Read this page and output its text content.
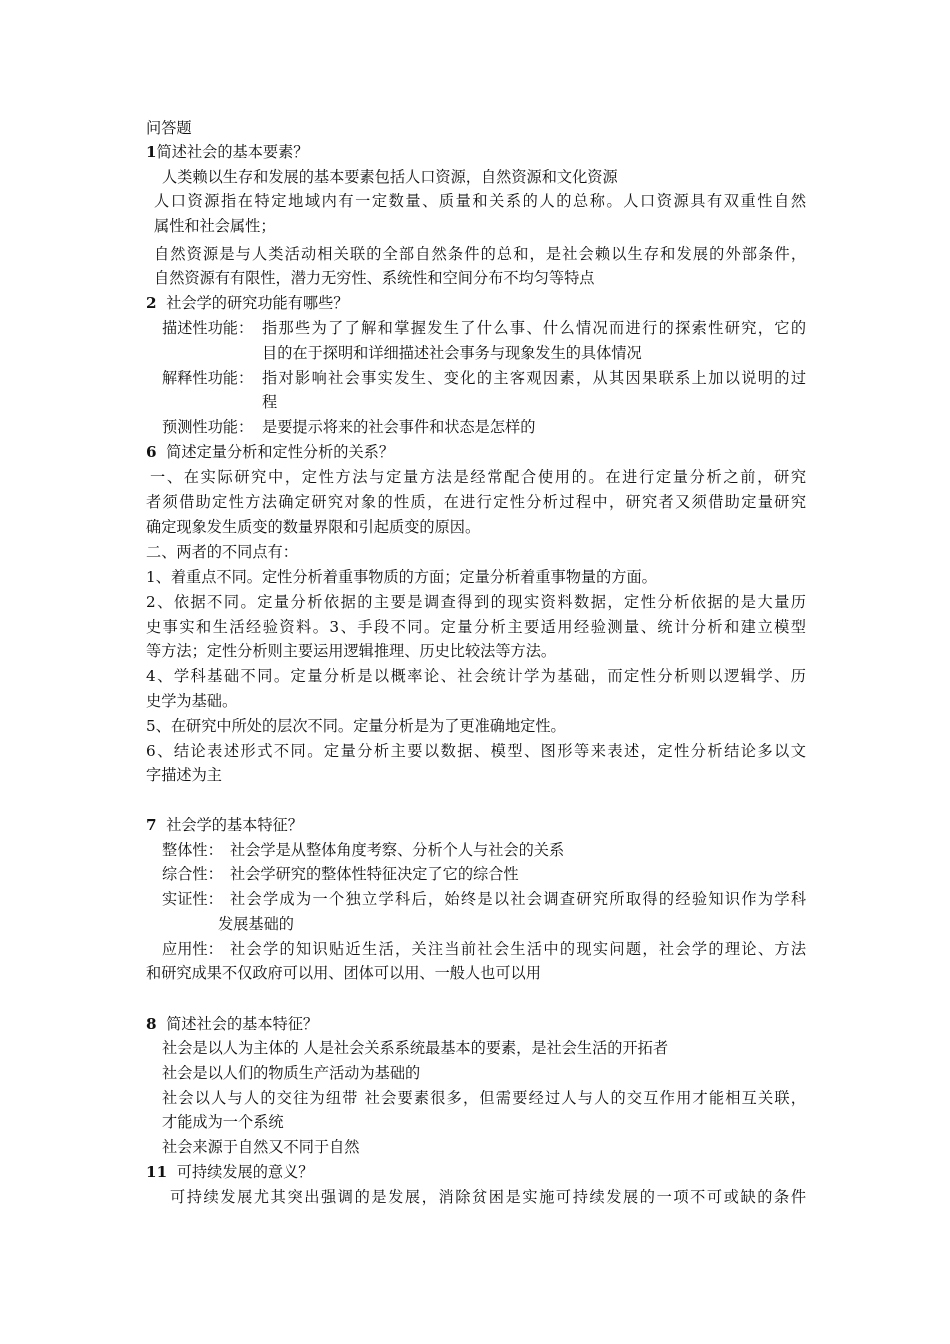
问答题

1简述社会的基本要素？

人类赖以生存和发展的基本要素包括人口资源，自然资源和文化资源

人口资源指在特定地域内有一定数量、质量和关系的人的总称。人口资源具有双重性自然

属性和社会属性；

自然资源是与人类活动相关联的全部自然条件的总和，是社会赖以生存和发展的外部条件，

自然资源有有限性，潜力无穷性、系统性和空间分布不均匀等特点

2 社会学的研究功能有哪些？

描述性功能： 指那些为了了解和掌握发生了什么事、什么情况而进行的探索性研究，它的

目的在于探明和详细描述社会事务与现象发生的具体情况

解释性功能： 指对影响社会事实发生、变化的主客观因素，从其因果联系上加以说明的过

程

预测性功能： 是要提示将来的社会事件和状态是怎样的

6 简述定量分析和定性分析的关系？

一、在实际研究中，定性方法与定量方法是经常配合使用的。在进行定量分析之前，研究

者须借助定性方法确定研究对象的性质，在进行定性分析过程中，研究者又须借助定量研究

确定现象发生质变的数量界限和引起质变的原因。

二、两者的不同点有：

1、着重点不同。定性分析着重事物质的方面；定量分析着重事物量的方面。

2、依据不同。定量分析依据的主要是调查得到的现实资料数据，定性分析依据的是大量历

史事实和生活经验资料。3、手段不同。定量分析主要适用经验测量、统计分析和建立模型

等方法；定性分析则主要运用逻辑推理、历史比较法等方法。

4、学科基础不同。定量分析是以概率论、社会统计学为基础，而定性分析则以逻辑学、历

史学为基础。

5、在研究中所处的层次不同。定量分析是为了更准确地定性。

6、结论表述形式不同。定量分析主要以数据、模型、图形等来表述，定性分析结论多以文

字描述为主

7 社会学的基本特征？

整体性： 社会学是从整体角度考察、分析个人与社会的关系

综合性： 社会学研究的整体性特征决定了它的综合性

实证性： 社会学成为一个独立学科后，始终是以社会调查研究所取得的经验知识作为学科

发展基础的

应用性： 社会学的知识贴近生活，关注当前社会生活中的现实问题，社会学的理论、方法

和研究成果不仅政府可以用、团体可以用、一般人也可以用

8 简述社会的基本特征？

社会是以人为主体的 人是社会关系系统最基本的要素，是社会生活的开拓者

社会是以人们的物质生产活动为基础的

社会以人与人的交往为纽带 社会要素很多，但需要经过人与人的交互作用才能相互关联，

才能成为一个系统

社会来源于自然又不同于自然

11 可持续发展的意义？

可持续发展尤其突出强调的是发展，消除贫困是实施可持续发展的一项不可或缺的条件
